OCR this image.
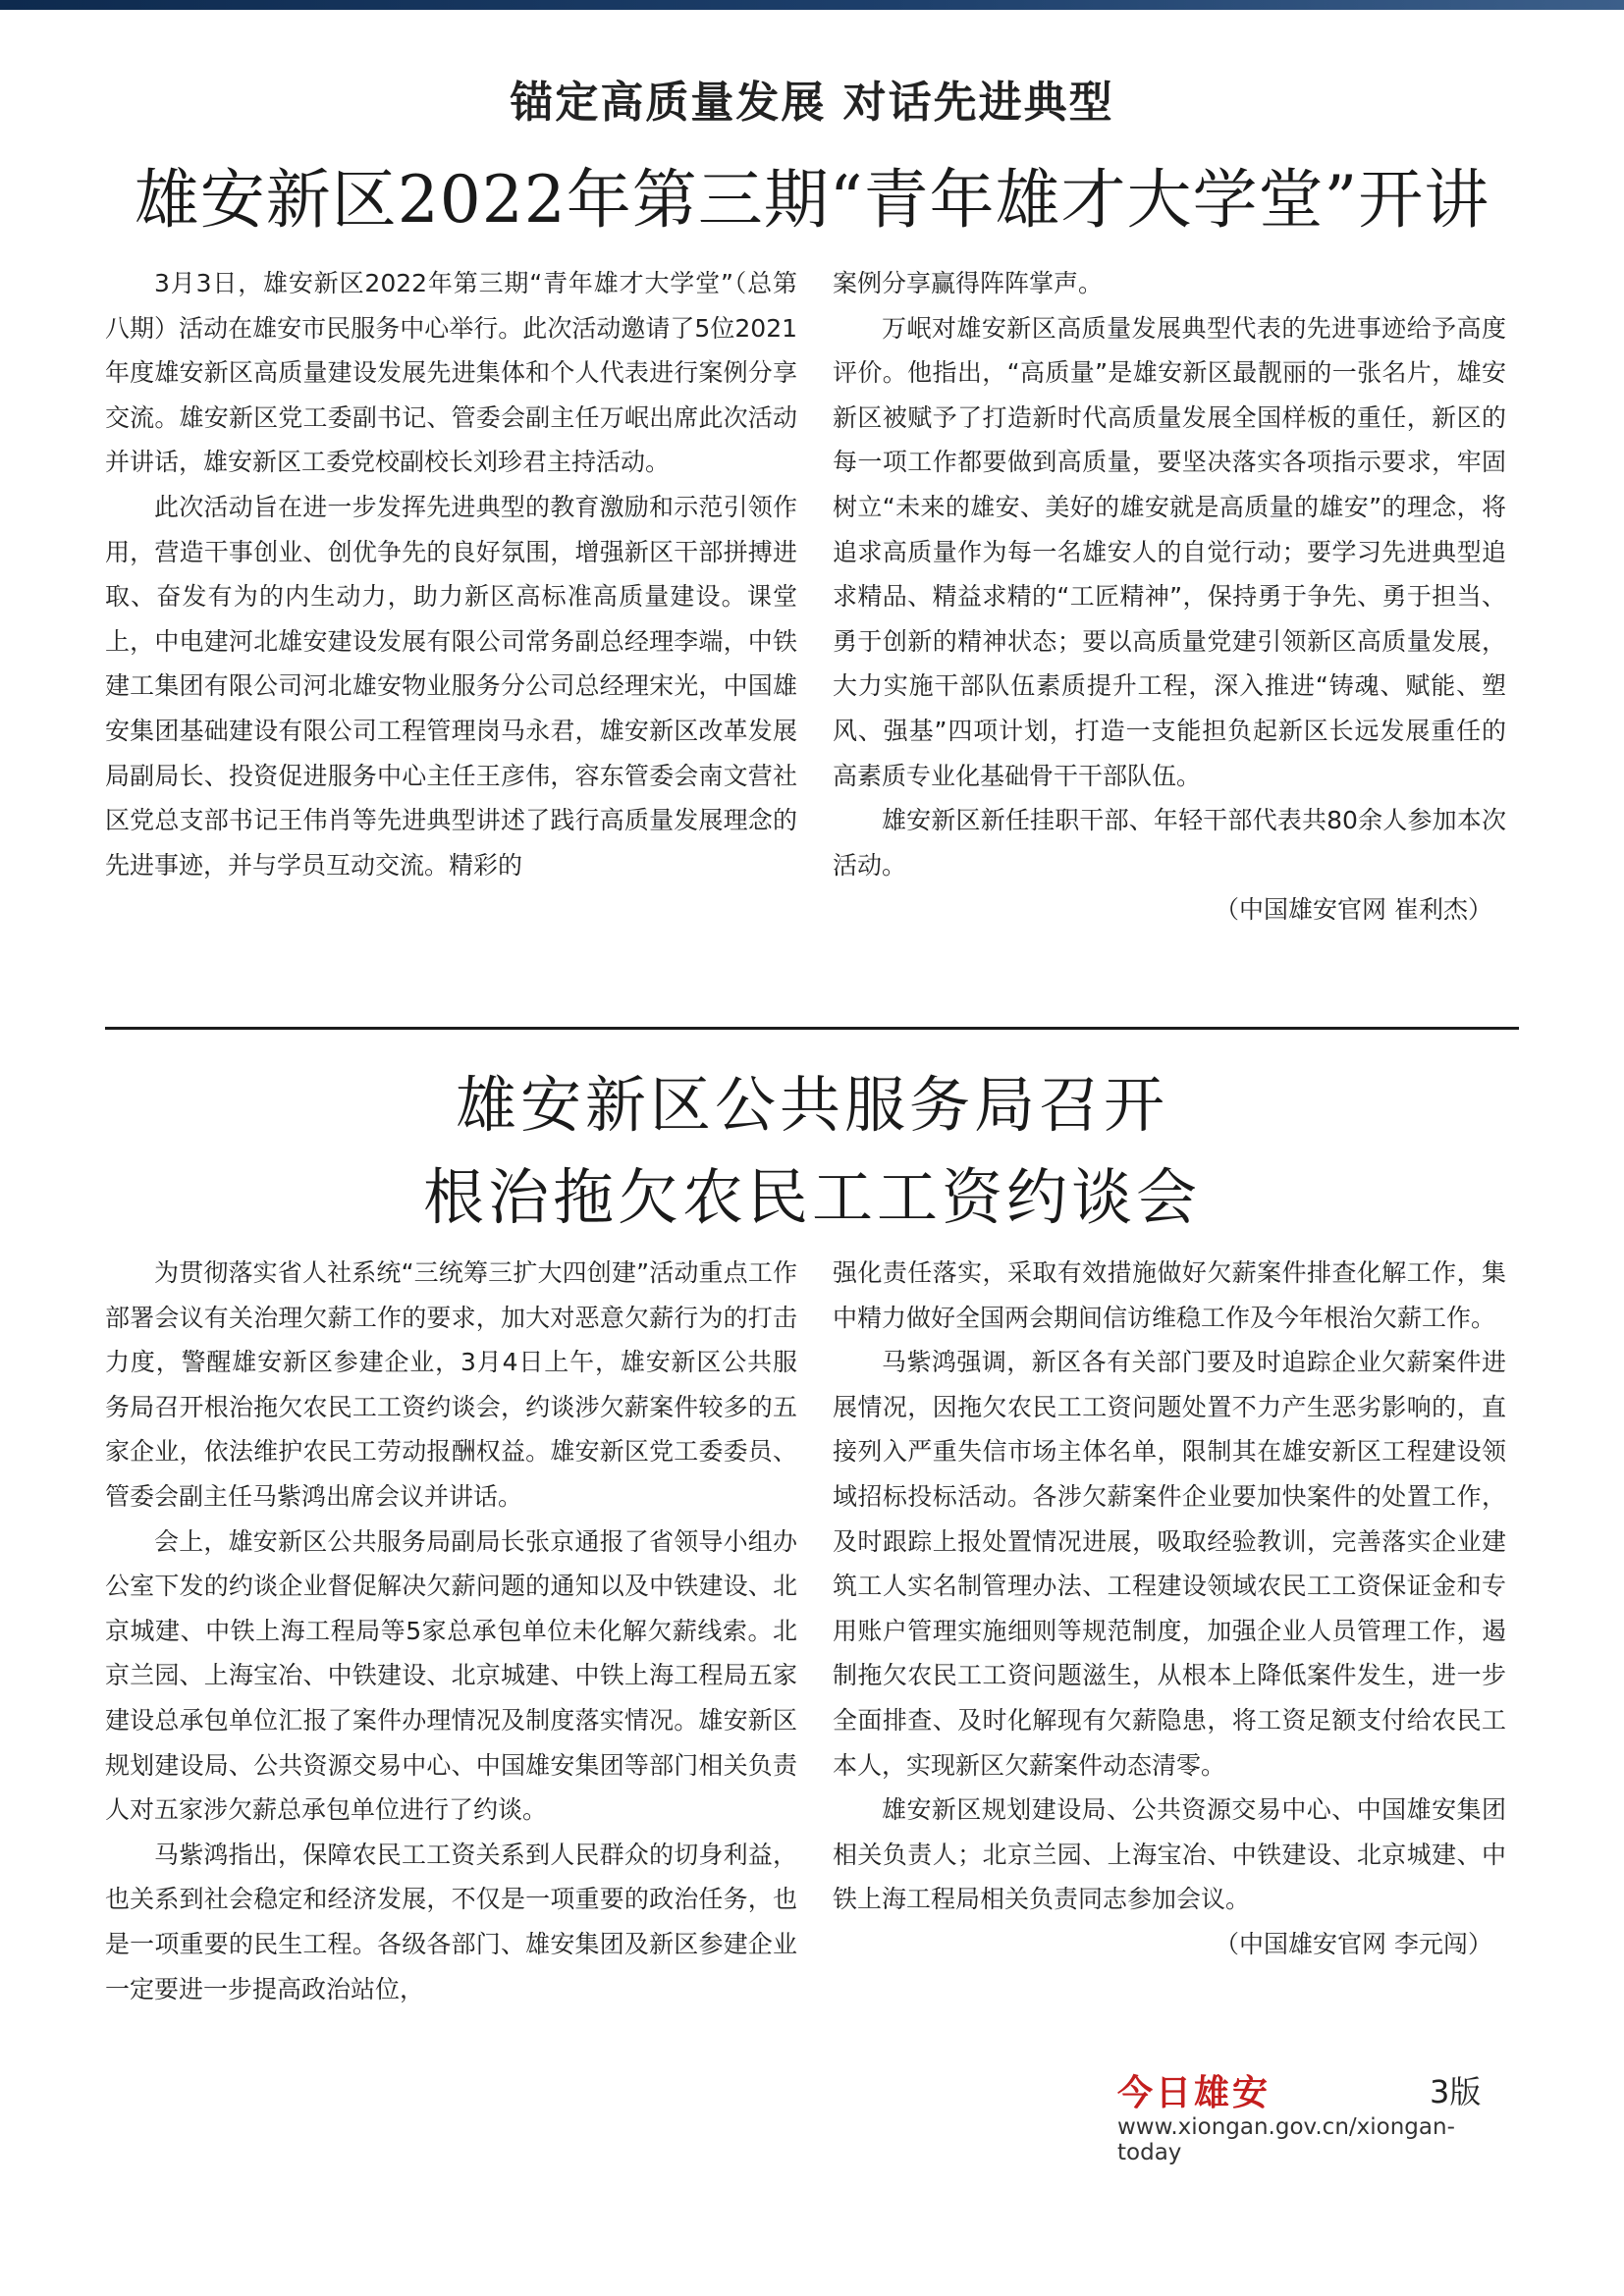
锚定高质量发展 对话先进典型
雄安新区2022年第三期“青年雄才大学堂”开讲

3月3日，雄安新区2022年第三期“青年雄才大学堂”（总第八期）活动在雄安市民服务中心举行。此次活动邀请了5位2021年度雄安新区高质量建设发展先进集体和个人代表进行案例分享交流。雄安新区党工委副书记、管委会副主任万岷出席此次活动并讲话，雄安新区工委党校副校长刘珍君主持活动。

此次活动旨在进一步发挥先进典型的教育激励和示范引领作用，营造干事创业、创优争先的良好氛围，增强新区干部拼搏进取、奋发有为的内生动力，助力新区高标准高质量建设。课堂上，中电建河北雄安建设发展有限公司常务副总经理李端，中铁建工集团有限公司河北雄安物业服务分公司总经理宋光，中国雄安集团基础建设有限公司工程管理岗马永君，雄安新区改革发展局副局长、投资促进服务中心主任王彦伟，容东管委会南文营社区党总支部书记王伟肖等先进典型讲述了践行高质量发展理念的先进事迹，并与学员互动交流。精彩的

案例分享赢得阵阵掌声。

万岷对雄安新区高质量发展典型代表的先进事迹给予高度评价。他指出，“高质量”是雄安新区最靓丽的一张名片，雄安新区被赋予了打造新时代高质量发展全国样板的重任，新区的每一项工作都要做到高质量，要坚决落实各项指示要求，牢固树立“未来的雄安、美好的雄安就是高质量的雄安”的理念，将追求高质量作为每一名雄安人的自觉行动；要学习先进典型追求精品、精益求精的“工匠精神”，保持勇于争先、勇于担当、勇于创新的精神状态；要以高质量党建引领新区高质量发展，大力实施干部队伍素质提升工程，深入推进“铸魂、赋能、塑风、强基”四项计划，打造一支能担负起新区长远发展重任的高素质专业化基础骨干干部队伍。

雄安新区新任挂职干部、年轻干部代表共80余人参加本次活动。

（中国雄安官网 崔利杰）

雄安新区公共服务局召开
根治拖欠农民工工资约谈会

为贯彻落实省人社系统“三统筹三扩大四创建”活动重点工作部署会议有关治理欠薪工作的要求，加大对恶意欠薪行为的打击力度，警醒雄安新区参建企业，3月4日上午，雄安新区公共服务局召开根治拖欠农民工工资约谈会，约谈涉欠薪案件较多的五家企业，依法维护农民工劳动报酬权益。雄安新区党工委委员、管委会副主任马紫鸿出席会议并讲话。

会上，雄安新区公共服务局副局长张京通报了省领导小组办公室下发的约谈企业督促解决欠薪问题的通知以及中铁建设、北京城建、中铁上海工程局等5家总承包单位未化解欠薪线索。北京兰园、上海宝冶、中铁建设、北京城建、中铁上海工程局五家建设总承包单位汇报了案件办理情况及制度落实情况。雄安新区规划建设局、公共资源交易中心、中国雄安集团等部门相关负责人对五家涉欠薪总承包单位进行了约谈。

马紫鸿指出，保障农民工工资关系到人民群众的切身利益，也关系到社会稳定和经济发展，不仅是一项重要的政治任务，也是一项重要的民生工程。各级各部门、雄安集团及新区参建企业一定要进一步提高政治站位，

强化责任落实，采取有效措施做好欠薪案件排查化解工作，集中精力做好全国两会期间信访维稳工作及今年根治欠薪工作。

马紫鸿强调，新区各有关部门要及时追踪企业欠薪案件进展情况，因拖欠农民工工资问题处置不力产生恶劣影响的，直接列入严重失信市场主体名单，限制其在雄安新区工程建设领域招标投标活动。各涉欠薪案件企业要加快案件的处置工作，及时跟踪上报处置情况进展，吸取经验教训，完善落实企业建筑工人实名制管理办法、工程建设领域农民工工资保证金和专用账户管理实施细则等规范制度，加强企业人员管理工作，遏制拖欠农民工工资问题滋生，从根本上降低案件发生，进一步全面排查、及时化解现有欠薪隐患，将工资足额支付给农民工本人，实现新区欠薪案件动态清零。

雄安新区规划建设局、公共资源交易中心、中国雄安集团相关负责人；北京兰园、上海宝冶、中铁建设、北京城建、中铁上海工程局相关负责同志参加会议。

（中国雄安官网 李元闯）

今日雄安	3版
www.xiongan.gov.cn/xiongan-today
